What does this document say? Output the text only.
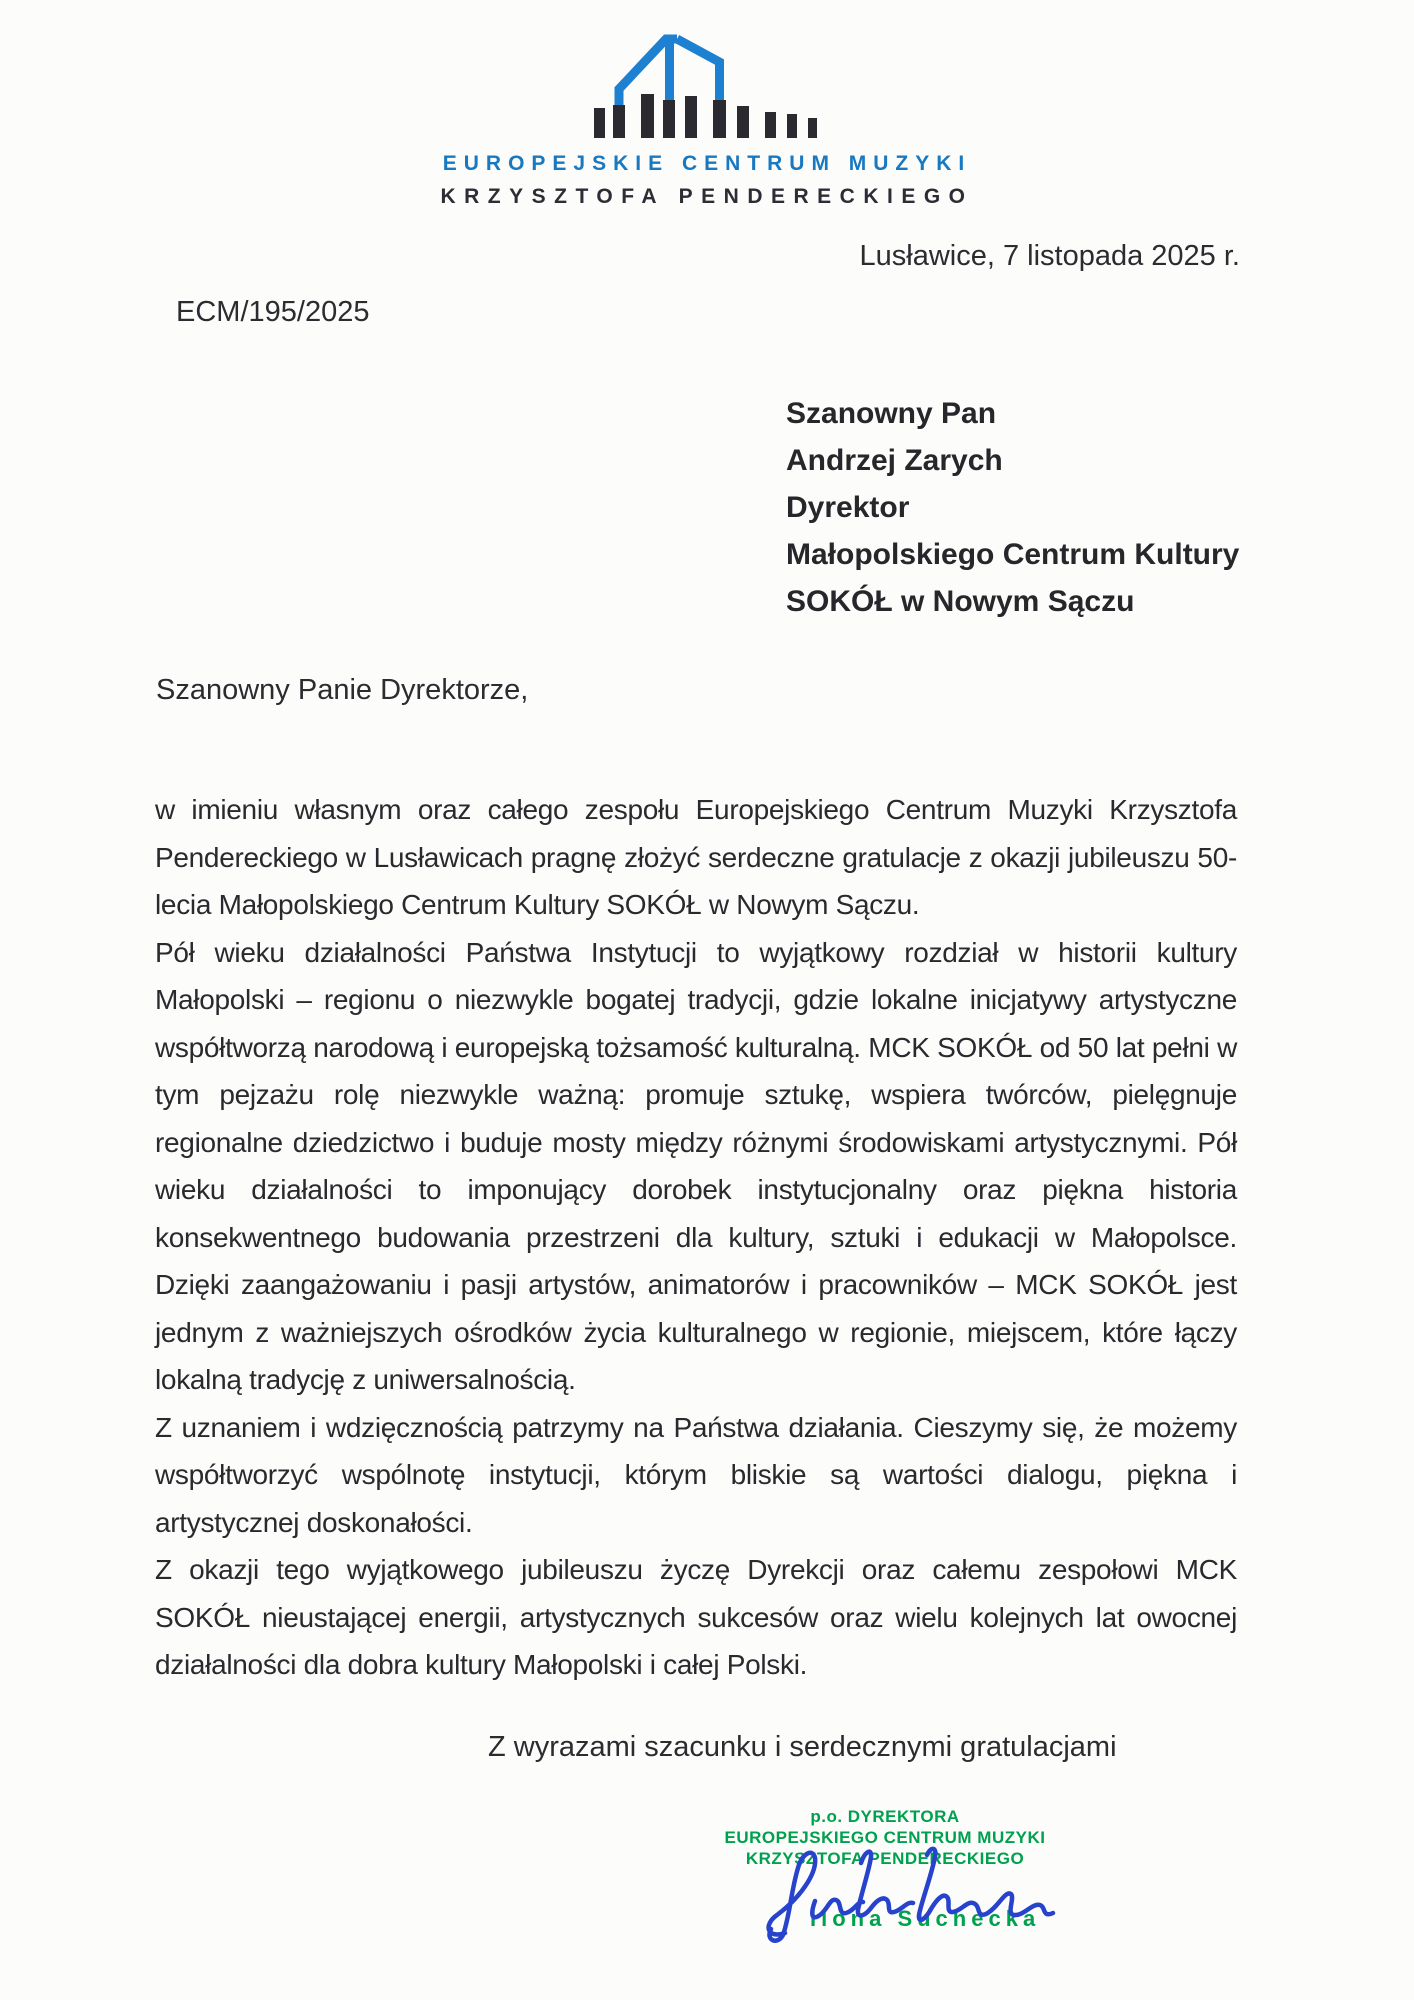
EUROPEJSKIE CENTRUM MUZYKI
KRZYSZTOFA PENDERECKIEGO
Lusławice, 7 listopada 2025 r.
ECM/195/2025
Szanowny Pan
Andrzej Zarych
Dyrektor
Małopolskiego Centrum Kultury
SOKÓŁ w Nowym Sączu
Szanowny Panie Dyrektorze,

w imieniu własnym oraz całego zespołu Europejskiego Centrum Muzyki Krzysztofa Pendereckiego w Lusławicach pragnę złożyć serdeczne gratulacje z okazji jubileuszu 50-lecia Małopolskiego Centrum Kultury SOKÓŁ w Nowym Sączu.

Pół wieku działalności Państwa Instytucji to wyjątkowy rozdział w historii kultury Małopolski – regionu o niezwykle bogatej tradycji, gdzie lokalne inicjatywy artystyczne współtworzą narodową i europejską tożsamość kulturalną. MCK SOKÓŁ od 50 lat pełni w tym pejzażu rolę niezwykle ważną: promuje sztukę, wspiera twórców, pielęgnuje regionalne dziedzictwo i buduje mosty między różnymi środowiskami artystycznymi. Pół wieku działalności to imponujący dorobek instytucjonalny oraz piękna historia konsekwentnego budowania przestrzeni dla kultury, sztuki i edukacji w Małopolsce. Dzięki zaangażowaniu i pasji artystów, animatorów i pracowników – MCK SOKÓŁ jest jednym z ważniejszych ośrodków życia kulturalnego w regionie, miejscem, które łączy lokalną tradycję z uniwersalnością.

Z uznaniem i wdzięcznością patrzymy na Państwa działania. Cieszymy się, że możemy współtworzyć wspólnotę instytucji, którym bliskie są wartości dialogu, piękna i artystycznej doskonałości.

Z okazji tego wyjątkowego jubileuszu życzę Dyrekcji oraz całemu zespołowi MCK SOKÓŁ nieustającej energii, artystycznych sukcesów oraz wielu kolejnych lat owocnej działalności dla dobra kultury Małopolski i całej Polski.

Z wyrazami szacunku i serdecznymi gratulacjami
p.o. DYREKTORA
EUROPEJSKIEGO CENTRUM MUZYKI
KRZYSZTOFA PENDERECKIEGO
Ilona Suchecka
